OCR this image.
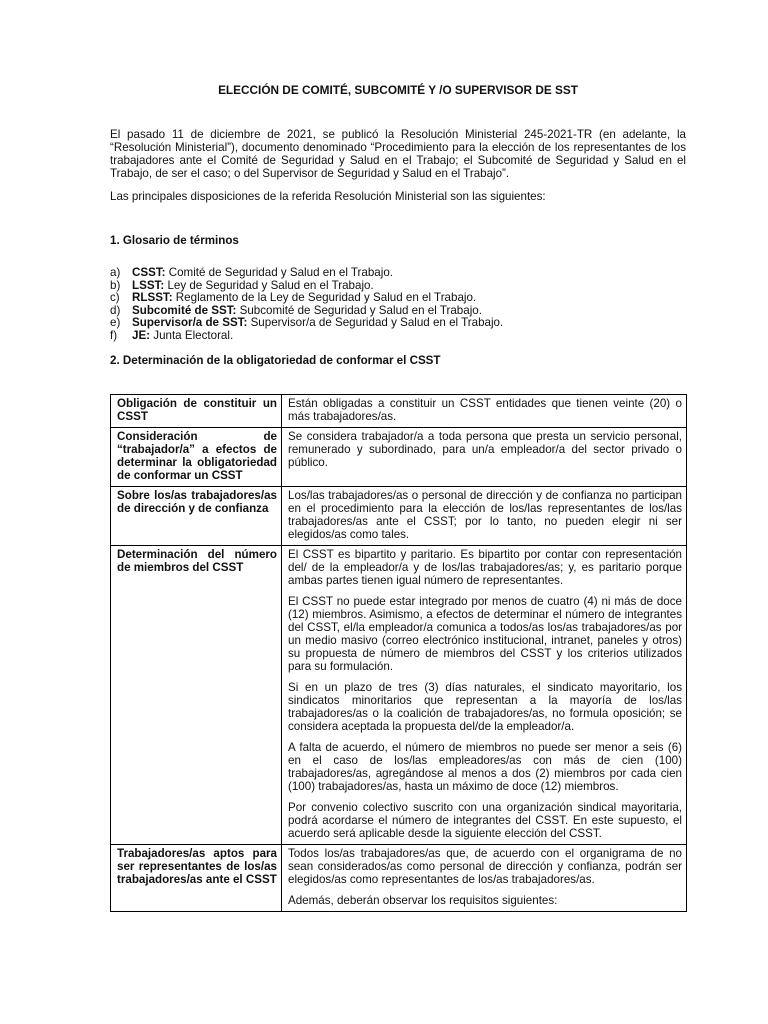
ELECCIÓN DE COMITÉ, SUBCOMITÉ Y /O SUPERVISOR DE SST
El pasado 11 de diciembre de 2021, se publicó la Resolución Ministerial 245-2021-TR (en adelante, la “Resolución Ministerial”), documento denominado “Procedimiento para la elección de los representantes de los trabajadores ante el Comité de Seguridad y Salud en el Trabajo; el Subcomité de Seguridad y Salud en el Trabajo, de ser el caso; o del Supervisor de Seguridad y Salud en el Trabajo”.
Las principales disposiciones de la referida Resolución Ministerial son las siguientes:
1. Glosario de términos
a)	CSST: Comité de Seguridad y Salud en el Trabajo.
b)	LSST: Ley de Seguridad y Salud en el Trabajo.
c)	RLSST: Reglamento de la Ley de Seguridad y Salud en el Trabajo.
d)	Subcomité de SST: Subcomité de Seguridad y Salud en el Trabajo.
e)	Supervisor/a de SST: Supervisor/a de Seguridad y Salud en el Trabajo.
f)	JE: Junta Electoral.
2. Determinación de la obligatoriedad de conformar el CSST
Obligación de constituir un CSST	Están obligadas a constituir un CSST entidades que tienen veinte (20) o más trabajadores/as.

Consideración de “trabajador/a” a efectos de determinar la obligatoriedad de conformar un CSST	Se considera trabajador/a a toda persona que presta un servicio personal, remunerado y subordinado, para un/a empleador/a del sector privado o público.

Sobre los/as trabajadores/as de dirección y de confianza	Los/las trabajadores/as o personal de dirección y de confianza no participan en el procedimiento para la elección de los/las representantes de los/las trabajadores/as ante el CSST; por lo tanto, no pueden elegir ni ser elegidos/as como tales.

Determinación del número de miembros del CSST	El CSST es bipartito y paritario. Es bipartito por contar con representación del/ de la empleador/a y de los/las trabajadores/as; y, es paritario porque ambas partes tienen igual número de representantes.

El CSST no puede estar integrado por menos de cuatro (4) ni más de doce (12) miembros. Asimismo, a efectos de determinar el número de integrantes del CSST, el/la empleador/a comunica a todos/as los/as trabajadores/as por un medio masivo (correo electrónico institucional, intranet, paneles y otros) su propuesta de número de miembros del CSST y los criterios utilizados para su formulación.

Si en un plazo de tres (3) días naturales, el sindicato mayoritario, los sindicatos minoritarios que representan a la mayoría de los/las trabajadores/as o la coalición de trabajadores/as, no formula oposición; se considera aceptada la propuesta del/de la empleador/a.

A falta de acuerdo, el número de miembros no puede ser menor a seis (6) en el caso de los/las empleadores/as con más de cien (100) trabajadores/as, agregándose al menos a dos (2) miembros por cada cien (100) trabajadores/as, hasta un máximo de doce (12) miembros.

Por convenio colectivo suscrito con una organización sindical mayoritaria, podrá acordarse el número de integrantes del CSST. En este supuesto, el acuerdo será aplicable desde la siguiente elección del CSST.

Trabajadores/as aptos para ser representantes de los/as trabajadores/as ante el CSST	Todos los/as trabajadores/as que, de acuerdo con el organigrama de no sean considerados/as como personal de dirección y confianza, podrán ser elegidos/as como representantes de los/as trabajadores/as.

Además, deberán observar los requisitos siguientes:
